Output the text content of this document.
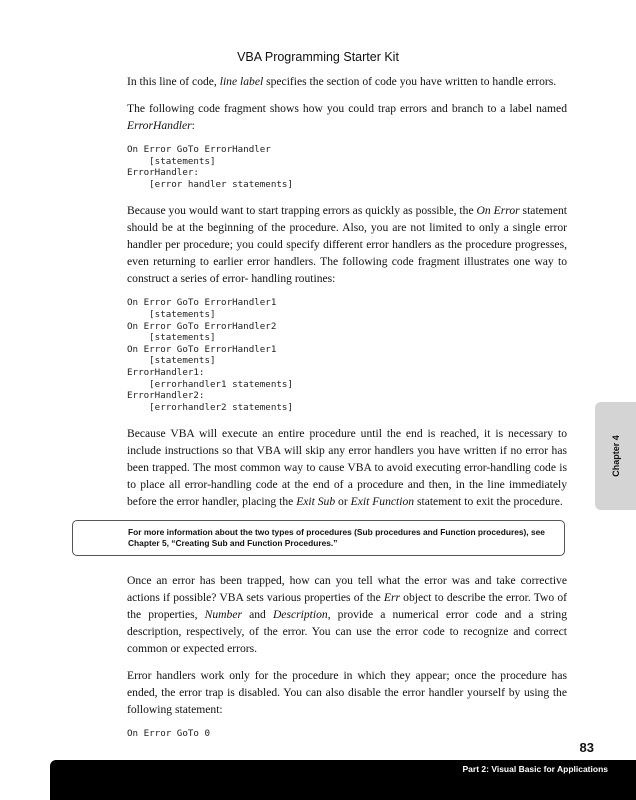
VBA Programming Starter Kit

In this line of code, line label specifies the section of code you have written to handle errors.

The following code fragment shows how you could trap errors and branch to a label named ErrorHandler:

On Error GoTo ErrorHandler
[statements]
ErrorHandler:
[error handler statements]

Because you would want to start trapping errors as quickly as possible, the On Error statement should be at the beginning of the procedure. Also, you are not limited to only a single error handler per procedure; you could specify different error handlers as the procedure progresses, even returning to earlier error handlers. The following code fragment illustrates one way to construct a series of error- handling routines:

On Error GoTo ErrorHandler1
[statements]
On Error GoTo ErrorHandler2
[statements]
On Error GoTo ErrorHandler1
[statements]
ErrorHandler1:
[errorhandler1 statements]
ErrorHandler2:
[errorhandler2 statements]

Because VBA will execute an entire procedure until the end is reached, it is necessary to include instructions so that VBA will skip any error handlers you have written if no error has been trapped. The most common way to cause VBA to avoid executing error-handling code is to place all error-handling code at the end of a procedure and then, in the line immediately before the error handler, placing the Exit Sub or Exit Function statement to exit the procedure.

For more information about the two types of procedures (Sub procedures and Function procedures), see Chapter 5, “Creating Sub and Function Procedures.”

Once an error has been trapped, how can you tell what the error was and take corrective actions if possible? VBA sets various properties of the Err object to describe the error. Two of the properties, Number and Description, provide a numerical error code and a string description, respectively, of the error. You can use the error code to recognize and correct common or expected errors.

Error handlers work only for the procedure in which they appear; once the procedure has ended, the error trap is disabled. You can also disable the error handler yourself by using the following statement:

On Error GoTo 0
Chapter 4
83
Part 2: Visual Basic for Applications
